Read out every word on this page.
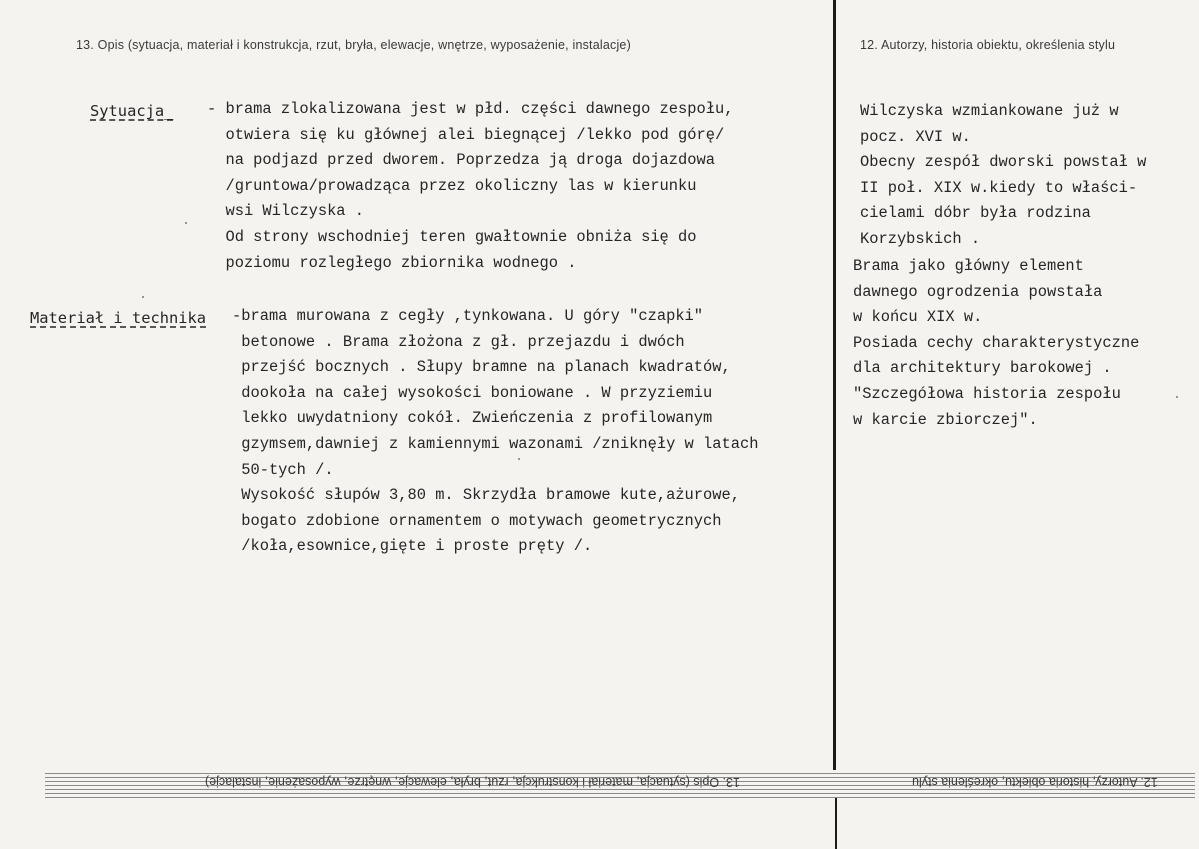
13. Opis (sytuacja, materiał i konstrukcja, rzut, bryła, elewacje, wnętrze, wyposażenie, instalacje)	12. Autorzy, historia obiektu, określenia stylu
Sytuacja_ - brama zlokalizowana jest w płd. części dawnego zespołu,
otwiera się ku głównej alei biegnącej /lekko pod górę/
na podjazd przed dworem. Poprzedza ją droga dojazdowa
/gruntowa/prowadząca przez okoliczny las w kierunku
wsi Wilczyska .
Od strony wschodniej teren gwałtownie obniża się do
poziomu rozległego zbiornika wodnego .
Materiał i technika -brama murowana z cegły ,tynkowana. U góry "czapki"
betonowe . Brama złożona z gł. przejazdu i dwóch
przejść bocznych . Słupy bramne na planach kwadratów,
dookoła na całej wysokości boniowane . W przyziemiu
lekko uwydatniony cokół. Zwieńczenia z profilowanym
gzymsem,dawniej z kamiennymi wazonami /zniknęły w latach
50-tych /.
Wysokość słupów 3,80 m. Skrzydła bramowe kute,ażurowe,
bogato zdobione ornamentem o motywach geometrycznych
/koła,esownice,gięte i proste pręty /.
Wilczyska wzmiankowane już w
pocz. XVI w.
Obecny zespół dworski powstał w
II poł. XIX w.kiedy to właści-
cielami dóbr była rodzina
Korzybskich .
Brama jako główny element
dawnego ogrodzenia powstała
w końcu XIX w.
Posiada cechy charakterystyczne
dla architektury barokowej .
"Szczegółowa historia zespołu
w karcie zbiorczej".
13. Opis (sytuacja, materiał i konstrukcja, rzut, bryła, elewacje, wnętrze, wyposażenie, instalacje)	12. Autorzy, historia obiektu, określenia stylu
